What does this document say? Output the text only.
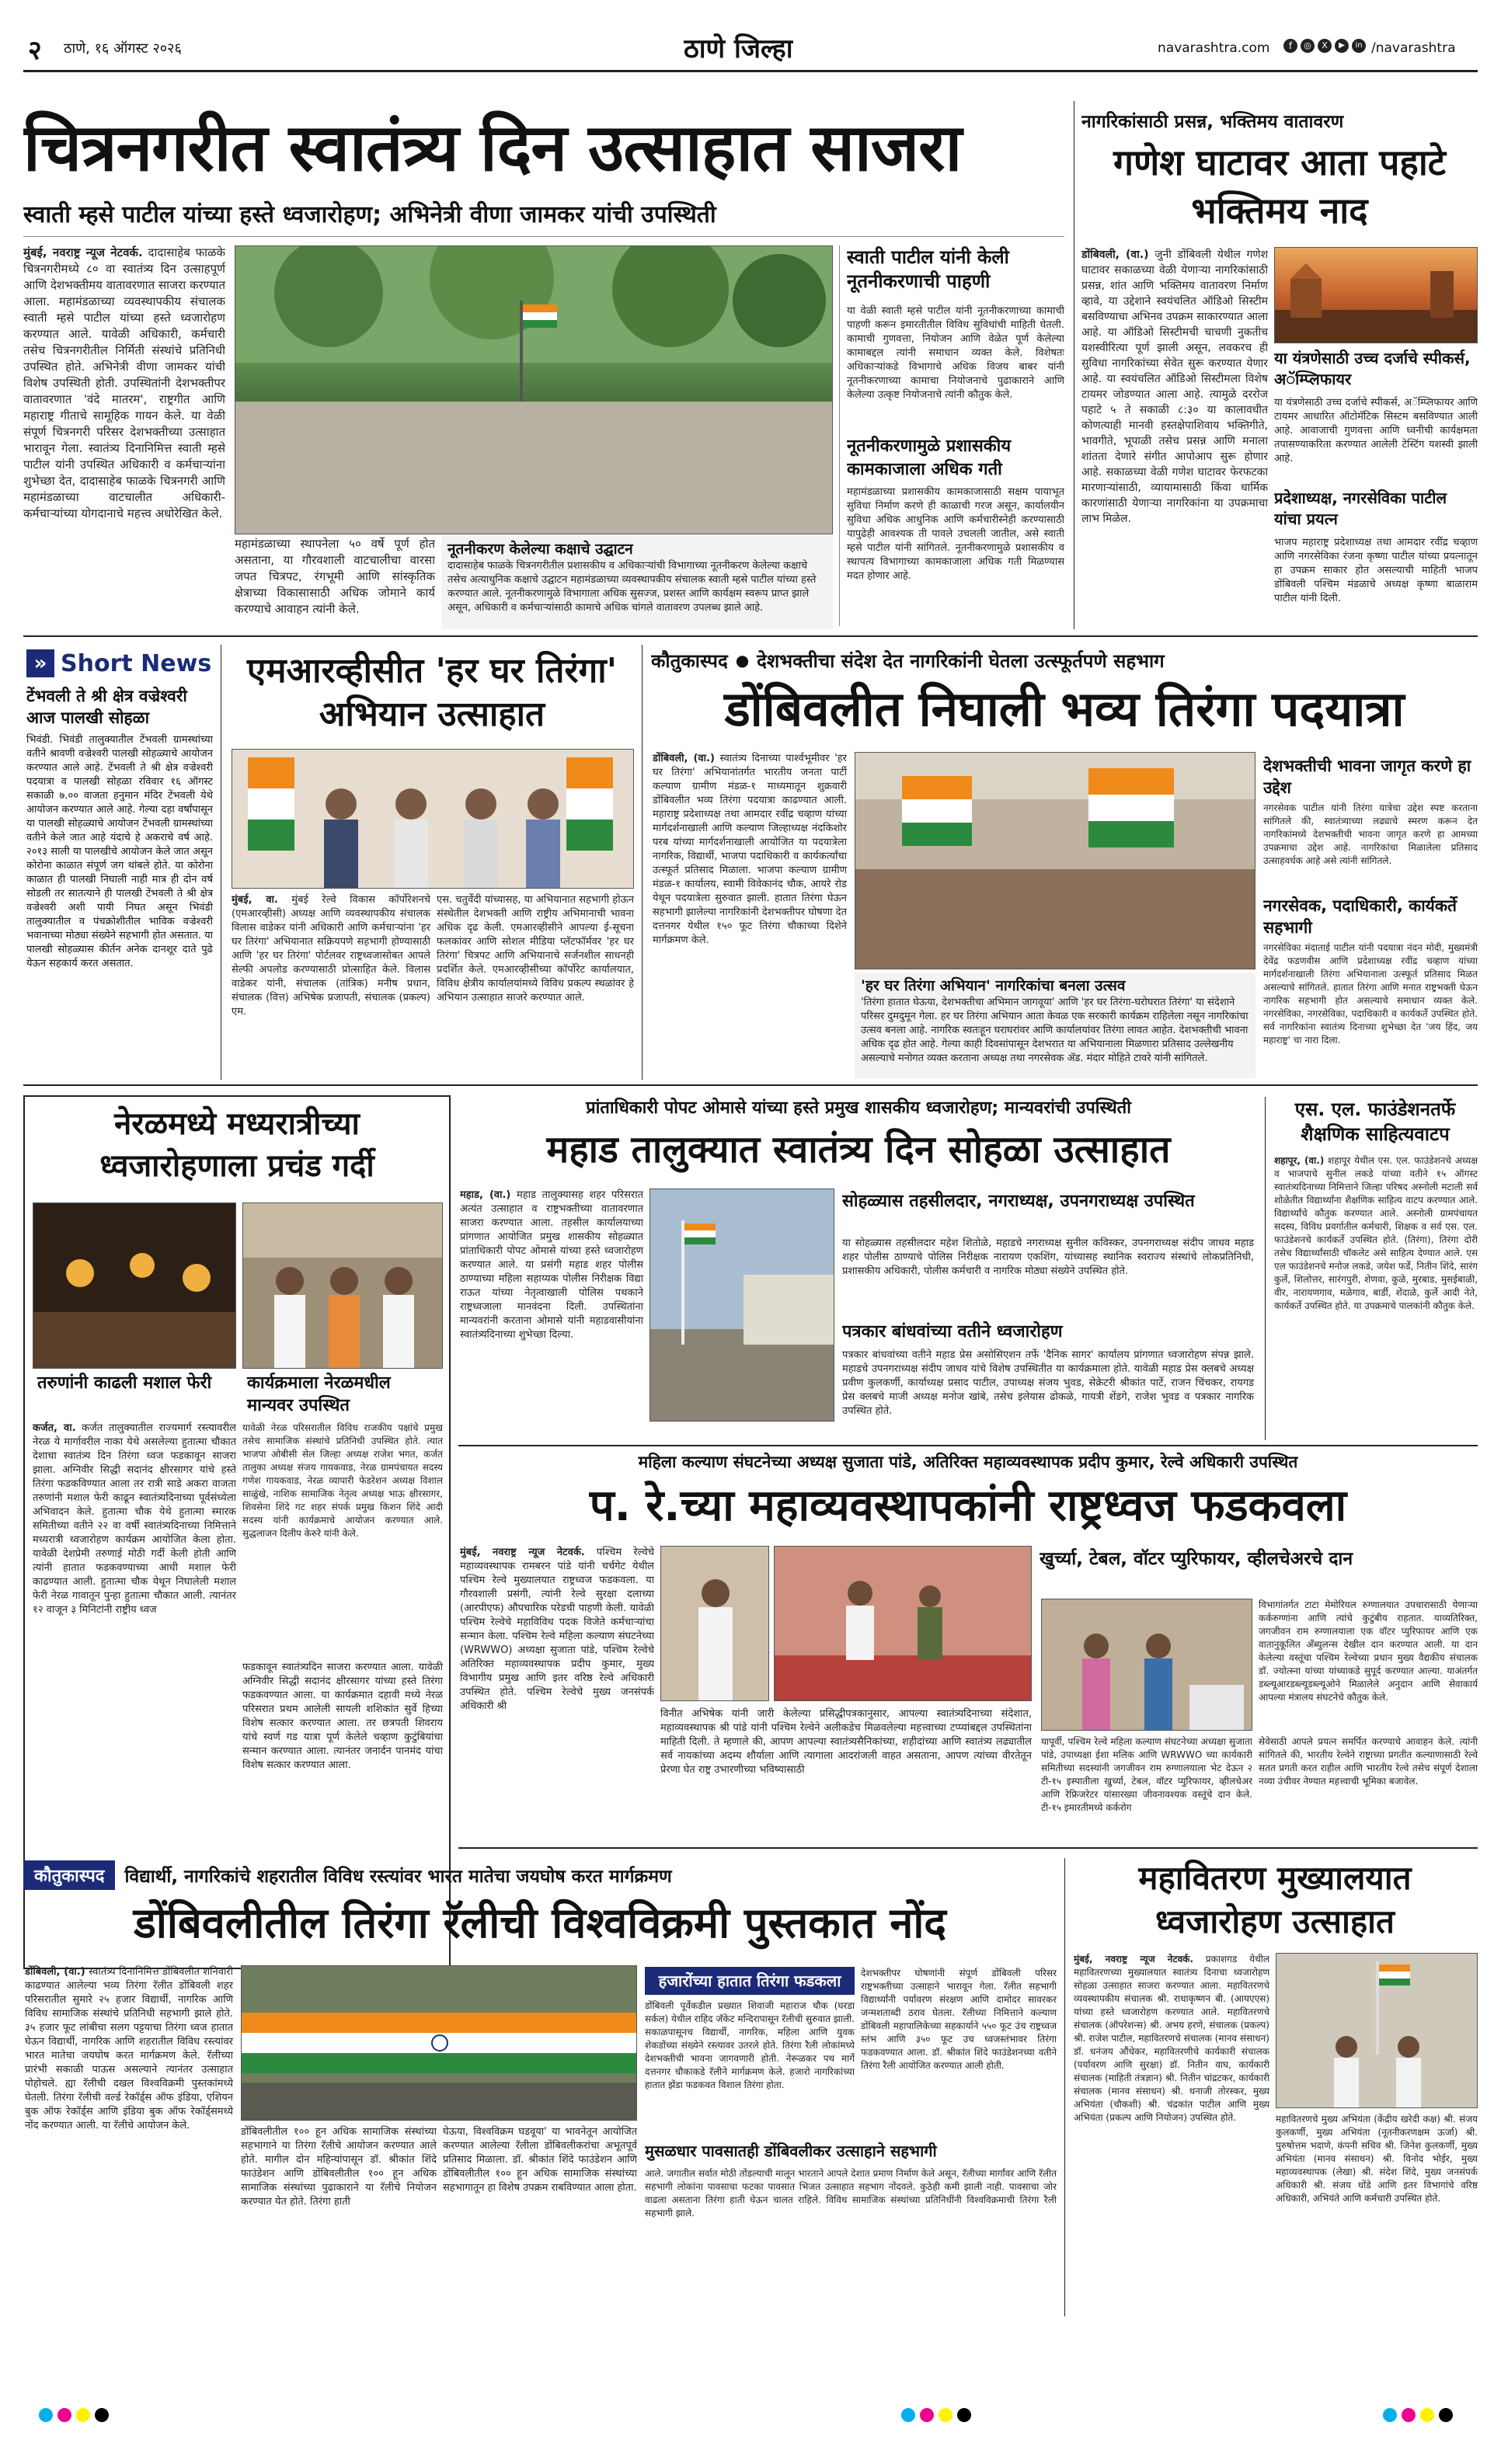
२ ठाणे, १६ ऑगस्ट २०२६	ठाणे जिल्हा	navarashtra.com	f	◎	X	▶	in /navarashtra
चित्रनगरीत स्वातंत्र्य दिन उत्साहात साजरा
स्वाती म्हसे पाटील यांच्या हस्ते ध्वजारोहण; अभिनेत्री वीणा जामकर यांची उपस्थिती
मुंबई, नवराष्ट्र न्यूज नेटवर्क. दादासाहेब फाळके चित्रनगरीमध्ये ८० वा स्वातंत्र्य दिन उत्साहपूर्ण आणि देशभक्तीमय वातावरणात साजरा करण्यात आला. महामंडळाच्या व्यवस्थापकीय संचालक स्वाती म्हसे पाटील यांच्या हस्ते ध्वजारोहण करण्यात आले. यावेळी अधिकारी, कर्मचारी तसेच चित्रनगरीतील निर्मिती संस्थांचे प्रतिनिधी उपस्थित होते. अभिनेत्री वीणा जामकर यांची विशेष उपस्थिती होती. उपस्थितांनी देशभक्तीपर वातावरणात 'वंदे मातरम', राष्ट्रगीत आणि महाराष्ट्र गीताचे सामूहिक गायन केले. या वेळी संपूर्ण चित्रनगरी परिसर देशभक्तीच्या उत्साहात भारावून गेला. स्वातंत्र्य दिनानिमित्त स्वाती म्हसे पाटील यांनी उपस्थित अधिकारी व कर्मचाऱ्यांना शुभेच्छा देत, दादासाहेब फाळके चित्रनगरी आणि महामंडळाच्या वाटचालीत अधिकारी-कर्मचाऱ्यांच्या योगदानाचे महत्त्व अधोरेखित केले.
नूतनीकरण केलेल्या कक्षाचे उद्घाटन
दादासाहेब फाळके चित्रनगरीतील प्रशासकीय व अधिकाऱ्यांची विभागाच्या नूतनीकरण केलेल्या कक्षाचे तसेच अत्याधुनिक कक्षाचे उद्घाटन महामंडळाच्या व्यवस्थापकीय संचालक स्वाती म्हसे पाटील यांच्या हस्ते करण्यात आले. नूतनीकरणामुळे विभागाला अधिक सुसज्ज, प्रशस्त आणि कार्यक्षम स्वरूप प्राप्त झाले असून, अधिकारी व कर्मचाऱ्यांसाठी कामाचे अधिक चांगले वातावरण उपलब्ध झाले आहे.
महामंडळाच्या स्थापनेला ५० वर्षे पूर्ण होत असताना, या गौरवशाली वाटचालीचा वारसा जपत चित्रपट, रंगभूमी आणि सांस्कृतिक क्षेत्राच्या विकासासाठी अधिक जोमाने कार्य करण्याचे आवाहन त्यांनी केले.
स्वाती पाटील यांनी केली नूतनीकरणाची पाहणी
या वेळी स्वाती म्हसे पाटील यांनी नूतनीकरणाच्या कामाची पाहणी करून इमारतीतील विविध सुविधांची माहिती घेतली. कामाची गुणवत्ता, नियोजन आणि वेळेत पूर्ण केलेल्या कामाबद्दल त्यांनी समाधान व्यक्त केले. विशेषतः अधिकाऱ्यांकडे विभागाचे अधिक विजय बाबर यांनी नूतनीकरणाच्या कामाचा नियोजनाचे पुढाकाराने आणि केलेल्या उत्कृष्ट नियोजनाचे त्यांनी कौतुक केले.
नूतनीकरणामुळे प्रशासकीय कामकाजाला अधिक गती
महामंडळाच्या प्रशासकीय कामकाजासाठी सक्षम पायाभूत सुविधा निर्माण करणे ही काळाची गरज असून, कार्यालयीन सुविधा अधिक आधुनिक आणि कर्मचारीस्नेही करण्यासाठी यापुढेही आवश्यक ती पावले उचलली जातील, असे स्वाती म्हसे पाटील यांनी सांगितले. नूतनीकरणामुळे प्रशासकीय व स्थापत्य विभागाच्या कामकाजाला अधिक गती मिळण्यास मदत होणार आहे.
नागरिकांसाठी प्रसन्न, भक्तिमय वातावरण
गणेश घाटावर आता पहाटे भक्तिमय नाद
डोंबिवली, (वा.) जुनी डोंबिवली येथील गणेश घाटावर सकाळच्या वेळी येणाऱ्या नागरिकांसाठी प्रसन्न, शांत आणि भक्तिमय वातावरण निर्माण व्हावे, या उद्देशाने स्वयंचलित ऑडिओ सिस्टीम बसविण्याचा अभिनव उपक्रम साकारण्यात आला आहे. या ऑडिओ सिस्टीमची चाचणी नुकतीच यशस्वीरित्या पूर्ण झाली असून, लवकरच ही सुविधा नागरिकांच्या सेवेत सुरू करण्यात येणार आहे. या स्वयंचलित ऑडिओ सिस्टीमला विशेष टायमर जोडण्यात आला आहे. त्यामुळे दररोज पहाटे ५ ते सकाळी ८:३० या कालावधीत कोणत्याही मानवी हस्तक्षेपाशिवाय भक्तिगीते, भावगीते, भूपाळी तसेच प्रसन्न आणि मनाला शांतता देणारे संगीत आपोआप सुरू होणार आहे. सकाळच्या वेळी गणेश घाटावर फेरफटका मारणाऱ्यांसाठी, व्यायामासाठी किंवा धार्मिक कारणांसाठी येणाऱ्या नागरिकांना या उपक्रमाचा लाभ मिळेल.
या यंत्रणेसाठी उच्च दर्जाचे स्पीकर्स, अॅम्प्लिफायर
या यंत्रणेसाठी उच्च दर्जाचे स्पीकर्स, अॅम्प्लिफायर आणि टायमर आधारित ऑटोमॅटिक सिस्टम बसविण्यात आली आहे. आवाजाची गुणवत्ता आणि ध्वनीची कार्यक्षमता तपासण्याकरिता करण्यात आलेली टेस्टिंग यशस्वी झाली आहे.
प्रदेशाध्यक्ष, नगरसेविका पाटील यांचा प्रयत्न
भाजप महाराष्ट्र प्रदेशाध्यक्ष तथा आमदार रवींद्र चव्हाण आणि नगरसेविका रंजना कृष्णा पाटील यांच्या प्रयत्नातून हा उपक्रम साकार होत असल्याची माहिती भाजप डोंबिवली पश्चिम मंडळाचे अध्यक्ष कृष्णा बाळाराम पाटील यांनी दिली.
» Short News
टेंभवली ते श्री क्षेत्र वज्रेश्वरी आज पालखी सोहळा
भिवंडी. भिवंडी तालुक्यातील टेंभवली ग्रामस्थांच्या वतीने श्रावणी वज्रेश्वरी पालखी सोहळ्याचे आयोजन करण्यात आले आहे. टेंभवली ते श्री क्षेत्र वज्रेश्वरी पदयात्रा व पालखी सोहळा रविवार १६ ऑगस्ट सकाळी ७.०० वाजता हनुमान मंदिर टेंभवली येथे आयोजन करण्यात आले आहे. गेल्या दहा वर्षांपासून या पालखी सोहळ्याचे आयोजन टेंभवली ग्रामस्थांच्या वतीने केले जात आहे यंदाचे हे अकराचे वर्ष आहे. २०१३ साली या पालखीचे आयोजन केले जात असून कोरोना काळात संपूर्ण जग थांबले होते. या कोरोना काळात ही पालखी निघाली नाही मात्र ही दोन वर्ष सोडली तर सातत्याने ही पालखी टेंभवली ते श्री क्षेत्र वज्रेश्वरी अशी पायी निघत असून भिवंडी तालुक्यातील व पंचक्रोशीतील भाविक वज्रेश्वरी भवानाच्या मोठ्या संख्येने सहभागी होत असतात. या पालखी सोहळ्यास कीर्तन अनेक दानशूर दाते पुढे येऊन सहकार्य करत असतात.
एमआरव्हीसीत 'हर घर तिरंगा' अभियान उत्साहात
मुंबई, वा. मुंबई रेल्वे विकास कॉर्पोरेशनचे (एमआरव्हीसी) अध्यक्ष आणि व्यवस्थापकीय संचालक विलास वाडेकर यांनी अधिकारी आणि कर्मचाऱ्यांना 'हर घर तिरंगा' अभियानात सक्रियपणे सहभागी होण्यासाठी आणि 'हर घर तिरंगा' पोर्टलवर राष्ट्रध्वजासोबत आपले सेल्फी अपलोड करण्यासाठी प्रोत्साहित केले. विलास वाडेकर यांनी, संचालक (तांत्रिक) मनीष प्रधान, संचालक (वित्त) अभिषेक प्रजापती, संचालक (प्रकल्प) एम.
एस. चतुर्वेदी यांच्यासह, या अभियानात सहभागी होऊन संस्थेतील देशभक्ती आणि राष्ट्रीय अभिमानाची भावना अधिक दृढ केली. एमआरव्हीसीने आपल्या ई-सूचना फलकांवर आणि सोशल मीडिया प्लॅटफॉर्मवर 'हर घर तिरंगा' चित्रपट आणि अभियानाचे सर्जनशील साधनही प्रदर्शित केले. एमआरव्हीसीच्या कॉर्पोरेट कार्यालयात, विविध क्षेत्रीय कार्यालयांमध्ये विविध प्रकल्प स्थळांवर हे अभियान उत्साहात साजरे करण्यात आले.
कौतुकास्पद ● देशभक्तीचा संदेश देत नागरिकांनी घेतला उत्स्फूर्तपणे सहभाग
डोंबिवलीत निघाली भव्य तिरंगा पदयात्रा
डोंबिवली, (वा.) स्वातंत्र्य दिनाच्या पार्श्वभूमीवर 'हर घर तिरंगा' अभियानांतर्गत भारतीय जनता पार्टी कल्याण ग्रामीण मंडळ-१ माध्यमातून शुक्रवारी डोंबिवलीत भव्य तिरंगा पदयात्रा काढण्यात आली. महाराष्ट्र प्रदेशाध्यक्ष तथा आमदार रवींद्र चव्हाण यांच्या मार्गदर्शनाखाली आणि कल्याण जिल्हाध्यक्ष नंदकिशोर परब यांच्या मार्गदर्शनाखाली आयोजित या पदयात्रेला नागरिक, विद्यार्थी, भाजपा पदाधिकारी व कार्यकर्त्यांचा उत्स्फूर्त प्रतिसाद मिळाला. भाजपा कल्याण ग्रामीण मंडळ-१ कार्यालय, स्वामी विवेकानंद चौक, आयरे रोड येथून पदयात्रेला सुरुवात झाली. हातात तिरंगा घेऊन सहभागी झालेल्या नागरिकांनी देशभक्तीपर घोषणा देत दत्तनगर येथील १५० फूट तिरंगा चौकाच्या दिशेने मार्गक्रमण केले.
'हर घर तिरंगा अभियान' नागरिकांचा बनला उत्सव
'तिरंगा हातात घेऊया, देशभक्तीचा अभिमान जागवूया' आणि 'हर घर तिरंगा-घरोघरात तिरंगा' या संदेशाने परिसर दुमदुमून गेला. हर घर तिरंगा अभियान आता केवळ एक सरकारी कार्यक्रम राहिलेला नसून नागरिकांचा उत्सव बनला आहे. नागरिक स्वतःहून घराघरांवर आणि कार्यालयांवर तिरंगा लावत आहेत. देशभक्तीची भावना अधिक दृढ होत आहे. गेल्या काही दिवसांपासून देशभरात या अभियानाला मिळणारा प्रतिसाद उल्लेखनीय असल्याचे मनोगत व्यक्त करताना अध्यक्ष तथा नगरसेवक ॲड. मंदार मोहिते टावरे यांनी सांगितले.
देशभक्तीची भावना जागृत करणे हा उद्देश
नगरसेवक पाटील यांनी तिरंगा यात्रेचा उद्देश स्पष्ट करताना सांगितले की, स्वातंत्र्याच्या लढ्याचे स्मरण करून देत नागरिकांमध्ये देशभक्तीची भावना जागृत करणे हा आमच्या उपक्रमाचा उद्देश आहे. नागरिकांचा मिळालेला प्रतिसाद उत्साहवर्धक आहे असे त्यांनी सांगितले.
नगरसेवक, पदाधिकारी, कार्यकर्ते सहभागी
नगरसेविका मंदाताई पाटील यांनी पदयात्रा नंदन मोदी, मुख्यमंत्री देवेंद्र फडणवीस आणि प्रदेशाध्यक्ष रवींद्र चव्हाण यांच्या मार्गदर्शनाखाली तिरंगा अभियानाला उत्स्फूर्त प्रतिसाद मिळत असल्याचे सांगितले. हातात तिरंगा आणि मनात राष्ट्रभक्ती घेऊन नागरिक सहभागी होत असल्याचे समाधान व्यक्त केले. नगरसेविका, नगरसेविका, पदाधिकारी व कार्यकर्ते उपस्थित होते. सर्व नागरिकांना स्वातंत्र्य दिनाच्या शुभेच्छा देत 'जय हिंद, जय महाराष्ट्र' चा नारा दिला.
नेरळमध्ये मध्यरात्रीच्या ध्वजारोहणाला प्रचंड गर्दी
तरुणांनी काढली मशाल फेरी	कार्यक्रमाला नेरळमधील मान्यवर उपस्थित
कर्जत, वा. कर्जत तालुक्यातील राज्यमार्ग रस्त्यावरील नेरळ ये मार्गावरील नाका येथे असलेल्या हुतात्मा चौकात देशाचा स्वातंत्र्य दिन तिरंगा ध्वज फडकावून साजरा झाला. अग्निवीर सिद्धी सदानंद क्षीरसागर यांचे हस्ते तिरंगा फडकविण्यात आला तर रात्री साडे अकरा वाजता तरुणांनी मशाल फेरी काढून स्वातंत्र्यदिनाच्या पूर्वसंध्येला अभिवादन केले. हुतात्मा चौक येथे हुतात्मा स्मारक समितीच्या वतीने २२ वा वर्षी स्वातंत्र्यदिनाच्या निमित्ताने मध्यरात्री ध्वजारोहण कार्यक्रम आयोजित केला होता. यावेळी देशप्रेमी तरुणाई मोठी गर्दी केली होती आणि त्यांनी हातात फडकवण्याच्या आधी मशाल फेरी काढण्यात आली. हुतात्मा चौक येथून निघालेली मशाल फेरी नेरळ गावातून पुन्हा हुतात्मा चौकात आली. त्यानंतर १२ वाजून ३ मिनिटांनी राष्ट्रीय ध्वज
यावेळी नेरळ परिसरातील विविध राजकीय पक्षांचे प्रमुख तसेच सामाजिक संस्थांचे प्रतिनिधी उपस्थित होते. त्यात भाजपा ओबीसी सेल जिल्हा अध्यक्ष राजेश भगत, कर्जत तालुका अध्यक्ष संजय गायकवाड, नेरळ ग्रामपंचायत सदस्य गणेश गायकवाड, नेरळ व्यापारी फेडरेशन अध्यक्ष विशाल साळुंखे, नाशिक सामाजिक नेतृत्व अध्यक्ष भाऊ क्षीरसागर, शिवसेना शिंदे गट शहर संपर्क प्रमुख किशन शिंदे आदी सदस्य यांनी कार्यक्रमाचे आयोजन करण्यात आले. सुद्धलाजन दिलीप केरुरे यांनी केले.
फडकावून स्वातंत्र्यदिन साजरा करण्यात आला. यावेळी अग्निवीर सिद्धी सदानंद क्षीरसागर यांच्या हस्ते तिरंगा फडकवण्यात आला. या कार्यक्रमात दहावी मध्ये नेरळ परिसरात प्रथम आलेली सायली शशिकांत सुर्वे हिच्या विशेष सत्कार करण्यात आला. तर छत्रपती शिवराय यांचे स्वर्ण गड यात्रा पूर्ण केलेले चव्हाण कुटुंबियांचा सन्मान करण्यात आला. त्यानंतर जनार्दन पानमंद यांचा विशेष सत्कार करण्यात आला.
प्रांताधिकारी पोपट ओमासे यांच्या हस्ते प्रमुख शासकीय ध्वजारोहण; मान्यवरांची उपस्थिती
महाड तालुक्यात स्वातंत्र्य दिन सोहळा उत्साहात
महाड, (वा.) महाड तालुक्यासह शहर परिसरात अत्यंत उत्साहात व राष्ट्रभक्तीच्या वातावरणात साजरा करण्यात आला. तहसील कार्यालयाच्या प्रांगणात आयोजित प्रमुख शासकीय सोहळ्यात प्रांताधिकारी पोपट ओमासे यांच्या हस्ते ध्वजारोहण करण्यात आले. या प्रसंगी महाड शहर पोलीस ठाण्याच्या महिला सहाय्यक पोलीस निरीक्षक विद्या राऊत यांच्या नेतृत्वाखाली पोलिस पथकाने राष्ट्रध्वजाला मानवंदना दिली. उपस्थितांना मान्यवरांनी करताना ओमासे यांनी महाडवासीयांना स्वातंत्र्यदिनाच्या शुभेच्छा दिल्या.
सोहळ्यास तहसीलदार, नगराध्यक्ष, उपनगराध्यक्ष उपस्थित
या सोहळ्यास तहसीलदार महेश शितोळे, महाडचे नगराध्यक्ष सुनील कविस्कर, उपनगराध्यक्ष संदीप जाधव महाड शहर पोलीस ठाण्याचे पोलिस निरीक्षक नारायण एकशिंग, यांच्यासह स्थानिक स्वराज्य संस्थांचे लोकप्रतिनिधी, प्रशासकीय अधिकारी, पोलीस कर्मचारी व नागरिक मोठ्या संख्येने उपस्थित होते.
पत्रकार बांधवांच्या वतीने ध्वजारोहण
पत्रकार बांधवांच्या वतीने महाड प्रेस असोसिएशन तर्फे 'दैनिक सागर' कार्यालय प्रांगणात ध्वजारोहण संपन्न झाले. महाडचे उपनगराध्यक्ष संदीप जाधव यांचे विशेष उपस्थितीत या कार्यक्रमाला होते. यावेळी महाड प्रेस क्लबचे अध्यक्ष प्रवीण कुलकर्णी, कार्याध्यक्ष प्रसाद पाटील, उपाध्यक्ष संजय भुवड, सेक्रेटरी श्रीकांत पार्टे, राजन चिंचकर, रायगड प्रेस क्लबचे माजी अध्यक्ष मनोज खांबे, तसेच इलेयास ढोकळे, गायत्री शेंडगे, राजेश भुवड व पत्रकार नागरिक उपस्थित होते.
एस. एल. फाउंडेशनतर्फे शैक्षणिक साहित्यवाटप
शहापूर, (वा.) शहापूर येथील एस. एल. फाउंडेशनचे अध्यक्ष व भाजपाचे सुनील लकडे यांच्या वतीने १५ ऑगस्ट स्वातंत्र्यदिनाच्या निमित्ताने जिल्हा परिषद अस्नोली मटाली सर्व शोळेतीत विद्यार्थ्यांना शैक्षणिक साहित्य वाटप करण्यात आले. विद्यार्थ्यांचे कौतुक करण्यात आले. अस्नोली ग्रामपंचायत सदस्य, विविध प्रवर्गातील कर्मचारी, शिक्षक व सर्व एस. एल. फाउंडेशनचे कार्यकर्ते उपस्थित होते. (तिरंगा), तिरंगा दोरी तसेच विद्यार्थ्यांसाठी चॉकलेट असे साहित्य देण्यात आले. एस एल फाउंडेशनचे मनोज लकडे, जयेश फर्डे, नितीन शिंदे, सारंग कुर्ले, शिलोत्तर, सारंगपुरी, शेणवा, कुळे, मुरबाड, मुसईबाळी, वीर, नारायणगाव, मळेगाव, बार्डी, शेंदाळे, कुर्ले आदी नेते, कार्यकर्ते उपस्थित होते. या उपक्रमाचे पालकांनी कौतुक केले.
महिला कल्याण संघटनेच्या अध्यक्ष सुजाता पांडे, अतिरिक्त महाव्यवस्थापक प्रदीप कुमार, रेल्वे अधिकारी उपस्थित
प. रे.च्या महाव्यवस्थापकांनी राष्ट्रध्वज फडकवला
मुंबई, नवराष्ट्र न्यूज नेटवर्क. पश्चिम रेल्वेचे महाव्यवस्थापक रामबरन पांडे यांनी चर्चगेट येथील पश्चिम रेल्वे मुख्यालयात राष्ट्रध्वज फडकवला. या गौरवशाली प्रसंगी, त्यांनी रेल्वे सुरक्षा दलाच्या (आरपीएफ) औपचारिक परेडची पाहणी केली. यावेळी पश्चिम रेल्वेचे महाविविध पदक विजेते कर्मचाऱ्यांचा सन्मान केला. पश्चिम रेल्वे महिला कल्याण संघटनेच्या (WRWWO) अध्यक्षा सुजाता पांडे, पश्चिम रेल्वेचे अतिरिक्त महाव्यवस्थापक प्रदीप कुमार, मुख्य विभागीय प्रमुख आणि इतर वरिष्ठ रेल्वे अधिकारी उपस्थित होते. पश्चिम रेल्वेचे मुख्य जनसंपर्क अधिकारी श्री
विनीत अभिषेक यांनी जारी केलेल्या प्रसिद्धीपत्रकानुसार, आपल्या स्वातंत्र्यदिनाच्या संदेशात, महाव्यवस्थापक श्री पांडे यांनी पश्चिम रेल्वेने अलीकडेच मिळवलेल्या महत्त्वाच्या टप्प्यांबद्दल उपस्थितांना माहिती दिली. ते म्हणाले की, आपण आपल्या स्वातंत्र्यसैनिकांच्या, शहीदांच्या आणि स्वातंत्र्य लढ्यातील सर्व नायकांच्या अदम्य शौर्याला आणि त्यागाला आदरांजली वाहत असताना, आपण त्यांच्या वीरतेतून प्रेरणा घेत राष्ट्र उभारणीच्या भविष्यासाठी
खुर्च्या, टेबल, वॉटर प्युरिफायर, व्हीलचेअरचे दान
विभागांतर्गत टाटा मेमोरियल रुग्णालयात उपचारासाठी येणाऱ्या कर्करुग्णांना आणि त्यांचे कुटुंबीय राहतात. याव्यतिरिक्त, जगजीवन राम रुग्णालयाला एक वॉटर प्युरिफायर आणि एक वातानुकूलित अँब्युलन्स देखील दान करण्यात आली. या दान केलेल्या वस्तूंचा पश्चिम रेल्वेच्या प्रधान मुख्य वैद्यकीय संचालक डॉ. ज्योत्स्ना यांच्या यांच्याकडे सुपूर्द करण्यात आल्या. याअंतर्गत डब्ल्यूआरडब्ल्यूडब्ल्यूओने मिळालेले अनुदान आणि सेवाकार्य आपल्या मंत्रालय संघटनेचे कौतुक केले.
यापूर्वी, पश्चिम रेल्वे महिला कल्याण संघटनेच्या अध्यक्षा सुजाता पांडे, उपाध्यक्षा ईशा मलिक आणि WRWWO च्या कार्यकारी समितीच्या सदस्यांनी जगजीवन राम रुग्णालयाला भेट देऊन २ टी-१५ इस्पातीला खुर्च्या, टेबल, वॉटर प्युरिफायर, व्हीलचेअर आणि रेफ्रिजरेटर यांसारख्या जीवनावश्यक वस्तूंचे दान केले. टी-१५ इमारतीमध्ये कर्करोग
सेवेसाठी आपले प्रयत्न समर्पित करण्याचे आवाहन केले. त्यांनी सांगितले की, भारतीय रेल्वेने राष्ट्राच्या प्रगतीत कल्याणासाठी रेल्वे सतत प्रगती करत राहील आणि भारतीय रेल्वे तसेच संपूर्ण देशाला नव्या उंचीवर नेण्यात महत्त्वाची भूमिका बजावेल.
कौतुकास्पद	विद्यार्थी, नागरिकांचे शहरातील विविध रस्त्यांवर भारत मातेचा जयघोष करत मार्गक्रमण
डोंबिवलीतील तिरंगा रॅलीची विश्वविक्रमी पुस्तकात नोंद
डोंबिवली, (वा.) स्वातंत्र्य दिनानिमित्त डोंबिवलीत शनिवारी काढण्यात आलेल्या भव्य तिरंगा रॅलीत डोंबिवली शहर परिसरातील सुमारे २५ हजार विद्यार्थी, नागरिक आणि विविध सामाजिक संस्थांचे प्रतिनिधी सहभागी झाले होते. ३५ हजार फूट लांबीचा सलग पट्टयाचा तिरंगा ध्वज हातात घेऊन विद्यार्थी, नागरिक आणि शहरातील विविध रस्त्यांवर भारत मातेचा जयघोष करत मार्गक्रमण केले. रॅलीच्या प्रारंभी सकाळी पाऊस असल्याने त्यानंतर उत्साहात पोहोचले. ह्या रॅलीची दखल विश्वविक्रमी पुस्तकांमध्ये घेतली. तिरंगा रॅलीची वर्ल्ड रेकॉर्ड्स ऑफ इंडिया, एशियन बुक ऑफ रेकॉर्ड्स आणि इंडिया बुक ऑफ रेकॉर्ड्समध्ये नोंद करण्यात आली. या रॅलीचे आयोजन केले.
डोंबिवलीतील १०० हून अधिक सामाजिक संस्थांच्या सहभागाने या तिरंगा रॅलीचे आयोजन करण्यात आले होते. मागील दोन महिन्यांपासून डॉ. श्रीकांत शिंदे फाउंडेशन आणि डोंबिवलीतील १०० हून अधिक सामाजिक संस्थांच्या पुढाकाराने या रॅलीचे नियोजन करण्यात येत होते. तिरंगा हाती
घेऊया, विश्वविक्रम घडवूया' या भावनेतून आयोजित करण्यात आलेल्या रॅलीला डोंबिवलीकरांचा अभूतपूर्व प्रतिसाद मिळाला. डॉ. श्रीकांत शिंदे फाउंडेशन आणि डोंबिवलीतील १०० हून अधिक सामाजिक संस्थांच्या सहभागातून हा विशेष उपक्रम राबविण्यात आला होता.
हजारोंच्या हातात तिरंगा फडकला
डोंबिवली पूर्वेकडील प्रख्यात शिवाजी महाराज चौक (घरडा सर्कल) येथील राहिद जॅकेट मन्दिरापासून रॅलीची सुरुवात झाली. सकाळपासूनच विद्यार्थी, नागरिक, महिला आणि युवक शेकडोंच्या संख्येने रस्त्यावर उतरले होते. तिरंगा रैली लोकांमध्ये देशभक्तीची भावना जागवणारी होती. नेरूळकर पथ मार्गे दत्तनगर चौकाकडे रॅलीने मार्गक्रमण केले. हजारो नागरिकांच्या हातात झेंडा फडकवत विशाल तिरंगा होता.
मुसळधार पावसातही डोंबिवलीकर उत्साहाने सहभागी
आले. जगातील सर्वात मोठी तोंडल्याची मालून भारताने आपले देशात प्रमाण निर्माण केले असून, रॅलीच्या मार्गांवर आणि रॅलीत सहभागी लोकांना पावसाचा फटका पावसात भिजत उत्साहात सहभाग नोंदवले. कुठेही कमी झाली नाही. पावसाचा जोर वाढला असताना तिरंगा हाती घेऊन चालत राहिले. विविध सामाजिक संस्थांच्या प्रतिनिधींनी विश्वविक्रमाची तिरंगा रैली सहभागी झाले.
देशभक्तीपर घोषणांनी संपूर्ण डोंबिवली परिसर राष्ट्रभक्तीच्या उत्साहाने भारावून गेला. रॅलीत सहभागी विद्यार्थ्यांनी पर्यावरण संरक्षण आणि दामोदर सावरकर जन्मशताब्दी ठराव घेतला. रॅलीच्या निमित्ताने कल्याण डोंबिवली महापालिकेच्या सहकार्याने ५५० फूट उंच राष्ट्रध्वज स्तंभ आणि ३५० फूट उच ध्वजस्तंभावर तिरंगा फडकवण्यात आला. डॉ. श्रीकांत शिंदे फाउंडेशनच्या वतीने तिरंगा रैली आयोजित करण्यात आली होती.
महावितरण मुख्यालयात ध्वजारोहण उत्साहात
मुंबई, नवराष्ट्र न्यूज नेटवर्क. प्रकाशगड येथील महावितरणच्या मुख्यालयात स्वातंत्र्य दिनाचा ध्वजारोहण सोहळा उत्साहात साजरा करण्यात आला. महावितरणचे व्यवस्थापकीय संचालक श्री. राधाकृष्णन बी. (आयएएस) यांच्या हस्ते ध्वजारोहण करण्यात आले. महावितरणचे संचालक (ऑपरेशन्स) श्री. अभय हरणे, संचालक (प्रकल्प) श्री. राजेश पाटील, महावितरणचे संचालक (मानव संसाधन) डॉ. धनंजय औंधेकर, महावितरणीचे कार्यकारी संचालक (पर्यावरण आणि सुरक्षा) डॉ. नितीन वाघ, कार्यकारी संचालक (माहिती तंत्रज्ञान) श्री. नितीन चांद्रटकर, कार्यकारी संचालक (मानव संसाधन) श्री. धनाजी तोरस्कर, मुख्य अभियंता (चौकशी) श्री. चंद्रकांत पाटील आणि मुख्य अभियंता (प्रकल्प आणि नियोजन) उपस्थित होते.	महावितरणचे मुख्य अभियंता (केंद्रीय खरेदी कक्ष) श्री. संजय कुलकर्णी, मुख्य अभियंता (नूतनीकरणक्षम ऊर्जा) श्री. पुरुषोत्तम भदाणे, कंपनी सचिव श्री. जिनेश कुलकर्णी, मुख्य अभियंता (मानव संसाधन) श्री. विनोद भोईर, मुख्य महाव्यवस्थापक (लेखा) श्री. संदेश शिंदे, मुख्य जनसंपर्क अधिकारी श्री. संजय धोंडे आणि इतर विभागांचे वरिष्ठ अधिकारी, अभियंते आणि कर्मचारी उपस्थित होते.
